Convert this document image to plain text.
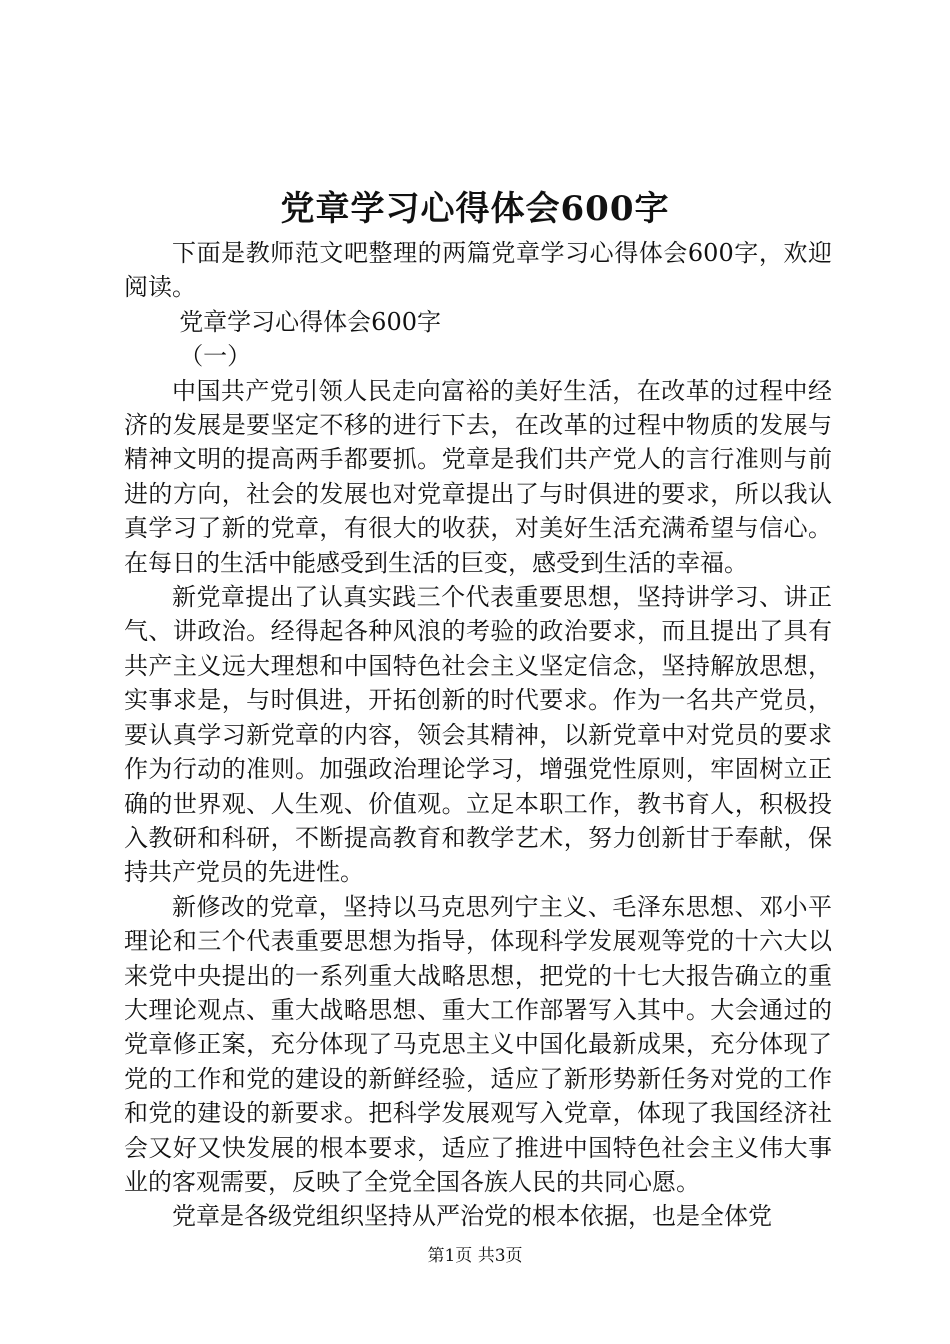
党章学习心得体会600字

下面是教师范文吧整理的两篇党章学习心得体会600字，欢迎阅读。

党章学习心得体会600字

（一）

中国共产党引领人民走向富裕的美好生活，在改革的过程中经济的发展是要坚定不移的进行下去，在改革的过程中物质的发展与精神文明的提高两手都要抓。党章是我们共产党人的言行准则与前进的方向，社会的发展也对党章提出了与时俱进的要求，所以我认真学习了新的党章，有很大的收获，对美好生活充满希望与信心。在每日的生活中能感受到生活的巨变，感受到生活的幸福。

新党章提出了认真实践三个代表重要思想，坚持讲学习、讲正气、讲政治。经得起各种风浪的考验的政治要求，而且提出了具有共产主义远大理想和中国特色社会主义坚定信念，坚持解放思想，实事求是，与时俱进，开拓创新的时代要求。作为一名共产党员，要认真学习新党章的内容，领会其精神，以新党章中对党员的要求作为行动的准则。加强政治理论学习，增强党性原则，牢固树立正确的世界观、人生观、价值观。立足本职工作，教书育人，积极投入教研和科研，不断提高教育和教学艺术，努力创新甘于奉献，保持共产党员的先进性。

新修改的党章，坚持以马克思列宁主义、毛泽东思想、邓小平理论和三个代表重要思想为指导，体现科学发展观等党的十六大以来党中央提出的一系列重大战略思想，把党的十七大报告确立的重大理论观点、重大战略思想、重大工作部署写入其中。大会通过的党章修正案，充分体现了马克思主义中国化最新成果，充分体现了党的工作和党的建设的新鲜经验，适应了新形势新任务对党的工作和党的建设的新要求。把科学发展观写入党章，体现了我国经济社会又好又快发展的根本要求，适应了推进中国特色社会主义伟大事业的客观需要，反映了全党全国各族人民的共同心愿。

党章是各级党组织坚持从严治党的根本依据，也是全体党

第1页 共3页
